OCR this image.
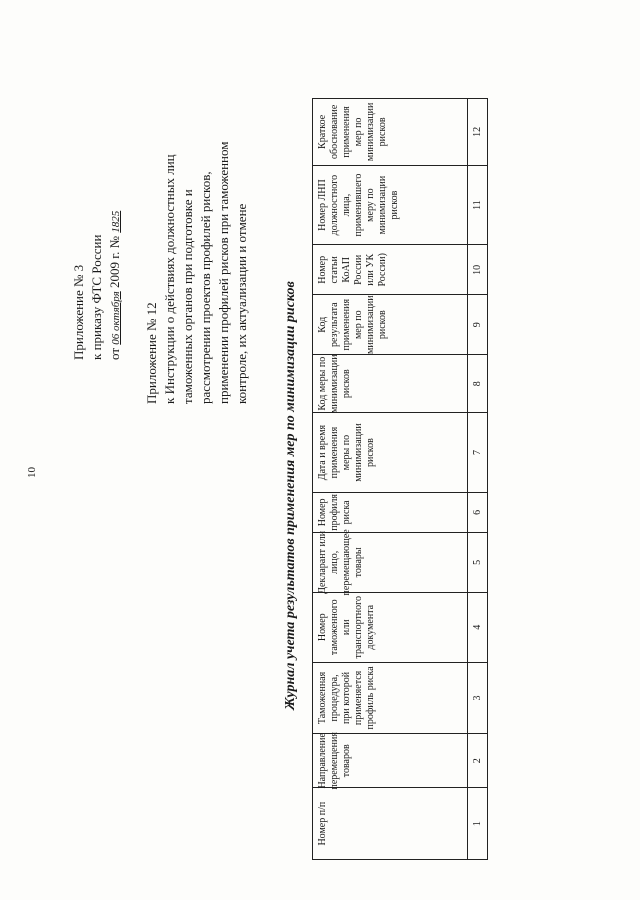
10
Приложение № 3 к приказу ФТС России от 06 октября 2009 г. № 1825
Приложение № 12 к Инструкции о действиях должностных лиц таможенных органов при подготовке и рассмотрении проектов профилей рисков, применении профилей рисков при таможенном контроле, их актуализации и отмене Журнал учета результатов применения мер по минимизации рисков
Номер п/п	1
Направление перемещения товаров	2
Таможенная процедура, при которой применяется профиль риска	3
Номер таможенного или транспортного документа	4
Декларант или лицо, перемещающее товары	5
Номер профиля риска	6
Дата и время применения меры по минимизации рисков	7
Код меры по минимизации рисков	8
Код результата применения мер по минимизации рисков	9
Номер статьи КоАП России или УК России)	10
Номер ЛНП должностного лица, применившего меру по минимизации рисков	11
Краткое обоснование применения мер по минимизации рисков	12
